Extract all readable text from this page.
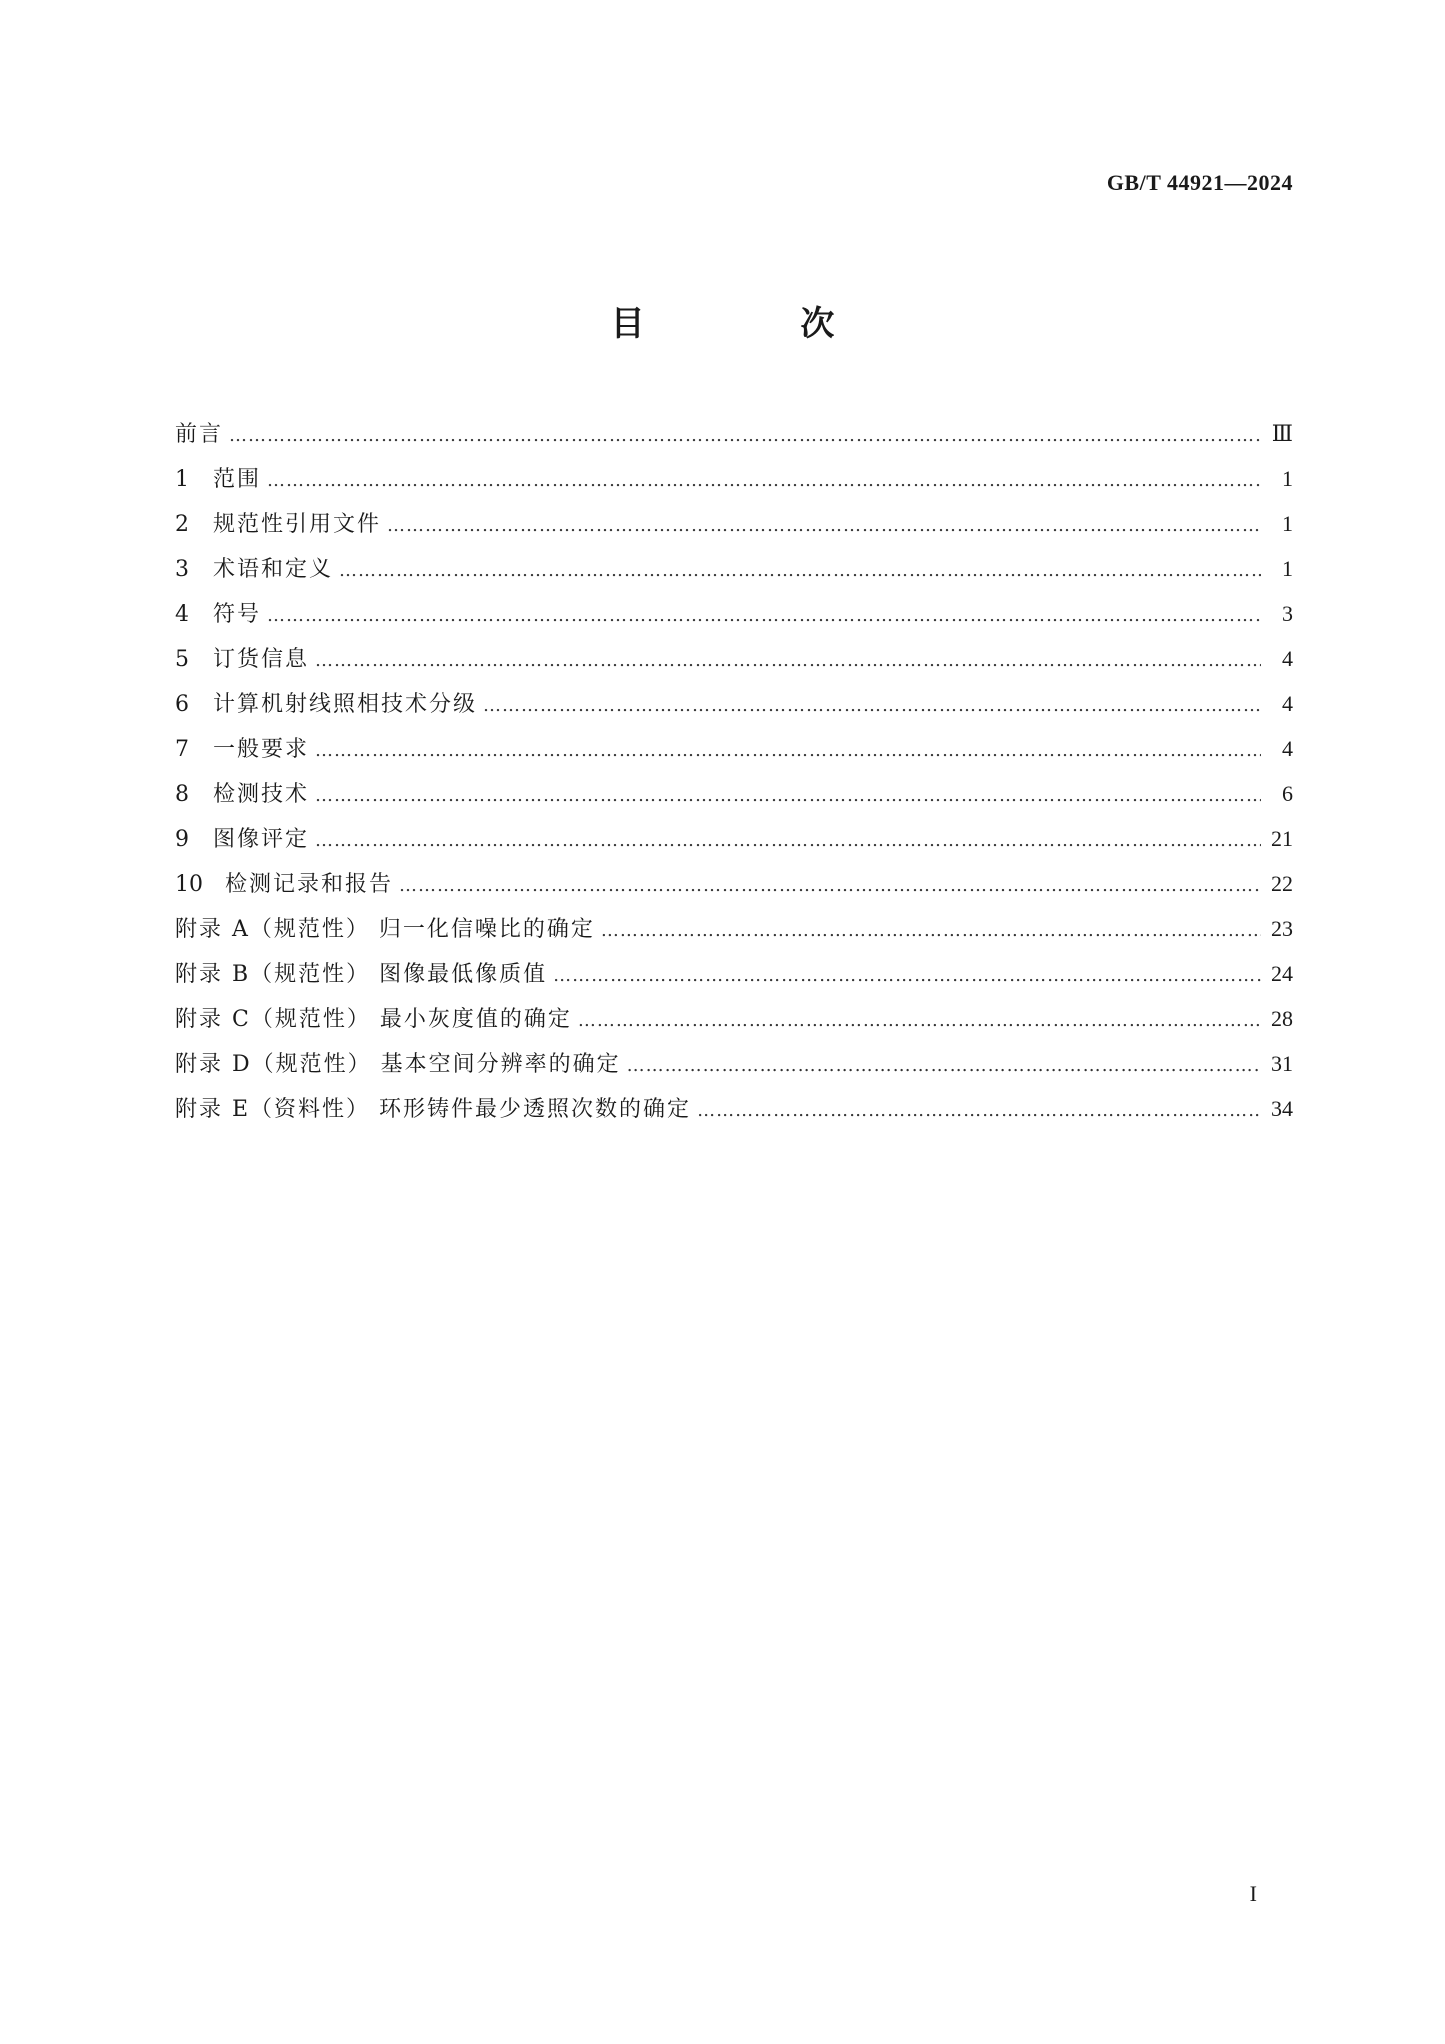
GB/T 44921—2024
目 次
前言 ……………………………………………………………………………………………………………………………………………………………………………………………………………………………………………………	Ⅲ
1	范围 ……………………………………………………………………………………………………………………………………………………………………………………………………………………………………………………	1
2	规范性引用文件 ……………………………………………………………………………………………………………………………………………………………………………………………………………………………………………………	1
3	术语和定义 ……………………………………………………………………………………………………………………………………………………………………………………………………………………………………………………	1
4	符号 ……………………………………………………………………………………………………………………………………………………………………………………………………………………………………………………	3
5	订货信息 ……………………………………………………………………………………………………………………………………………………………………………………………………………………………………………………	4
6	计算机射线照相技术分级 ……………………………………………………………………………………………………………………………………………………………………………………………………………………………………………………	4
7	一般要求 ……………………………………………………………………………………………………………………………………………………………………………………………………………………………………………………	4
8	检测技术 ……………………………………………………………………………………………………………………………………………………………………………………………………………………………………………………	6
9	图像评定 ……………………………………………………………………………………………………………………………………………………………………………………………………………………………………………………	21
10	检测记录和报告 ……………………………………………………………………………………………………………………………………………………………………………………………………………………………………………………	22
附录 A（规范性） 归一化信噪比的确定 ……………………………………………………………………………………………………………………………………………………………………………………………………………………………………………………	23
附录 B（规范性） 图像最低像质值 ……………………………………………………………………………………………………………………………………………………………………………………………………………………………………………………	24
附录 C（规范性） 最小灰度值的确定 ……………………………………………………………………………………………………………………………………………………………………………………………………………………………………………………	28
附录 D（规范性） 基本空间分辨率的确定 ……………………………………………………………………………………………………………………………………………………………………………………………………………………………………………………	31
附录 E（资料性） 环形铸件最少透照次数的确定 ……………………………………………………………………………………………………………………………………………………………………………………………………………………………………………………	34
I
